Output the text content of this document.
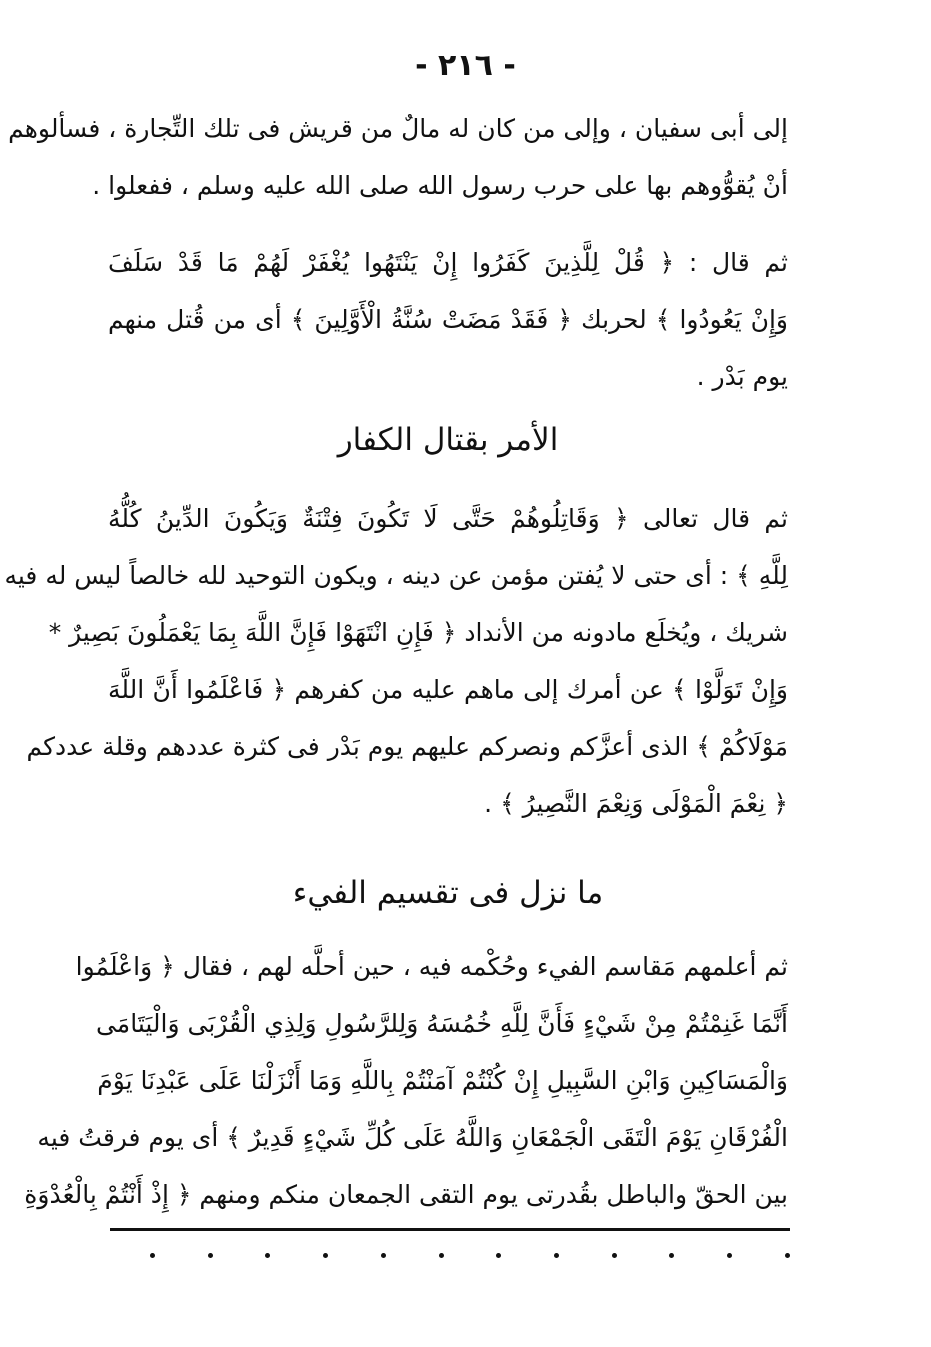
- ٢١٦ -
إلى أبى سفيان ، وإلى من كان له مالٌ من قريش فى تلك التِّجارة ، فسألوهم
أنْ يُقوُّوهم بها على حرب رسول الله صلى الله عليه وسلم ، ففعلوا .
ثم قال : ﴿ قُلْ لِلَّذِينَ كَفَرُوا إِنْ يَنْتَهُوا يُغْفَرْ لَهُمْ مَا قَدْ سَلَفَ
وَإِنْ يَعُودُوا ﴾ لحربك ﴿ فَقَدْ مَضَتْ سُنَّةُ الْأَوَّلِينَ ﴾ أى من قُتل منهم
يوم بَدْر .
الأمر بقتال الكفار
ثم قال تعالى ﴿ وَقَاتِلُوهُمْ حَتَّى لَا تَكُونَ فِتْنَةٌ وَيَكُونَ الدِّينُ كُلُّهُ
لِلَّهِ ﴾ : أى حتى لا يُفتن مؤمن عن دينه ، ويكون التوحيد لله خالصاً ليس له فيه
شريك ، ويُخلَع مادونه من الأنداد ﴿ فَإِنِ انْتَهَوْا فَإِنَّ اللَّهَ بِمَا يَعْمَلُونَ بَصِيرٌ *
وَإِنْ تَوَلَّوْا ﴾ عن أمرك إلى ماهم عليه من كفرهم ﴿ فَاعْلَمُوا أَنَّ اللَّهَ
مَوْلَاكُمْ ﴾ الذى أعزَّكم ونصركم عليهم يوم بَدْر فى كثرة عددهم وقلة عددكم
﴿ نِعْمَ الْمَوْلَى وَنِعْمَ النَّصِيرُ ﴾ .
ما نزل فى تقسيم الفيء
ثم أعلمهم مَقاسم الفيء وحُكْمه فيه ، حين أحلَّه لهم ، فقال ﴿ وَاعْلَمُوا
أَنَّمَا غَنِمْتُمْ مِنْ شَيْءٍ فَأَنَّ لِلَّهِ خُمُسَهُ وَلِلرَّسُولِ وَلِذِي الْقُرْبَى وَالْيَتَامَى
وَالْمَسَاكِينِ وَابْنِ السَّبِيلِ إِنْ كُنْتُمْ آمَنْتُمْ بِاللَّهِ وَمَا أَنْزَلْنَا عَلَى عَبْدِنَا يَوْمَ
الْفُرْقَانِ يَوْمَ الْتَقَى الْجَمْعَانِ وَاللَّهُ عَلَى كُلِّ شَيْءٍ قَدِيرٌ ﴾ أى يوم فرقتُ فيه
بين الحقّ والباطل بقُدرتى يوم التقى الجمعان منكم ومنهم ﴿ إِذْ أَنْتُمْ بِالْعُدْوَةِ
